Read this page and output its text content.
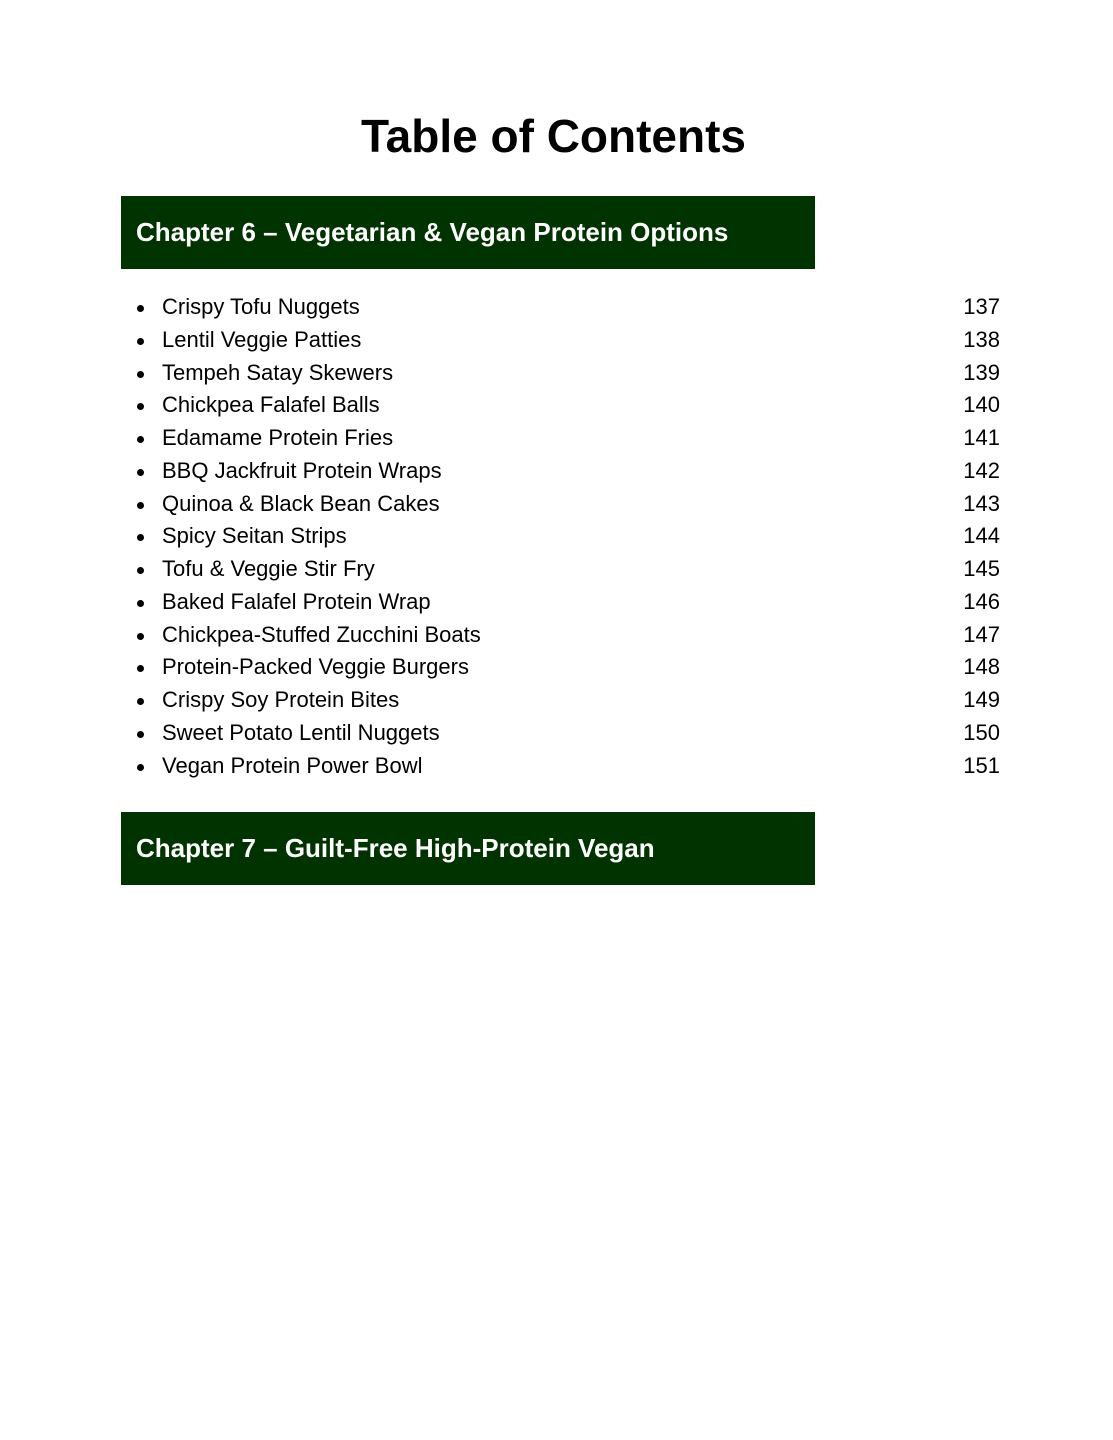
Table of Contents
Chapter 6 – Vegetarian & Vegan Protein Options
Crispy Tofu Nuggets	137
Lentil Veggie Patties	138
Tempeh Satay Skewers	139
Chickpea Falafel Balls	140
Edamame Protein Fries	141
BBQ Jackfruit Protein Wraps	142
Quinoa & Black Bean Cakes	143
Spicy Seitan Strips	144
Tofu & Veggie Stir Fry	145
Baked Falafel Protein Wrap	146
Chickpea-Stuffed Zucchini Boats	147
Protein-Packed Veggie Burgers	148
Crispy Soy Protein Bites	149
Sweet Potato Lentil Nuggets	150
Vegan Protein Power Bowl	151
Chapter 7 – Guilt-Free High-Protein Vegan
